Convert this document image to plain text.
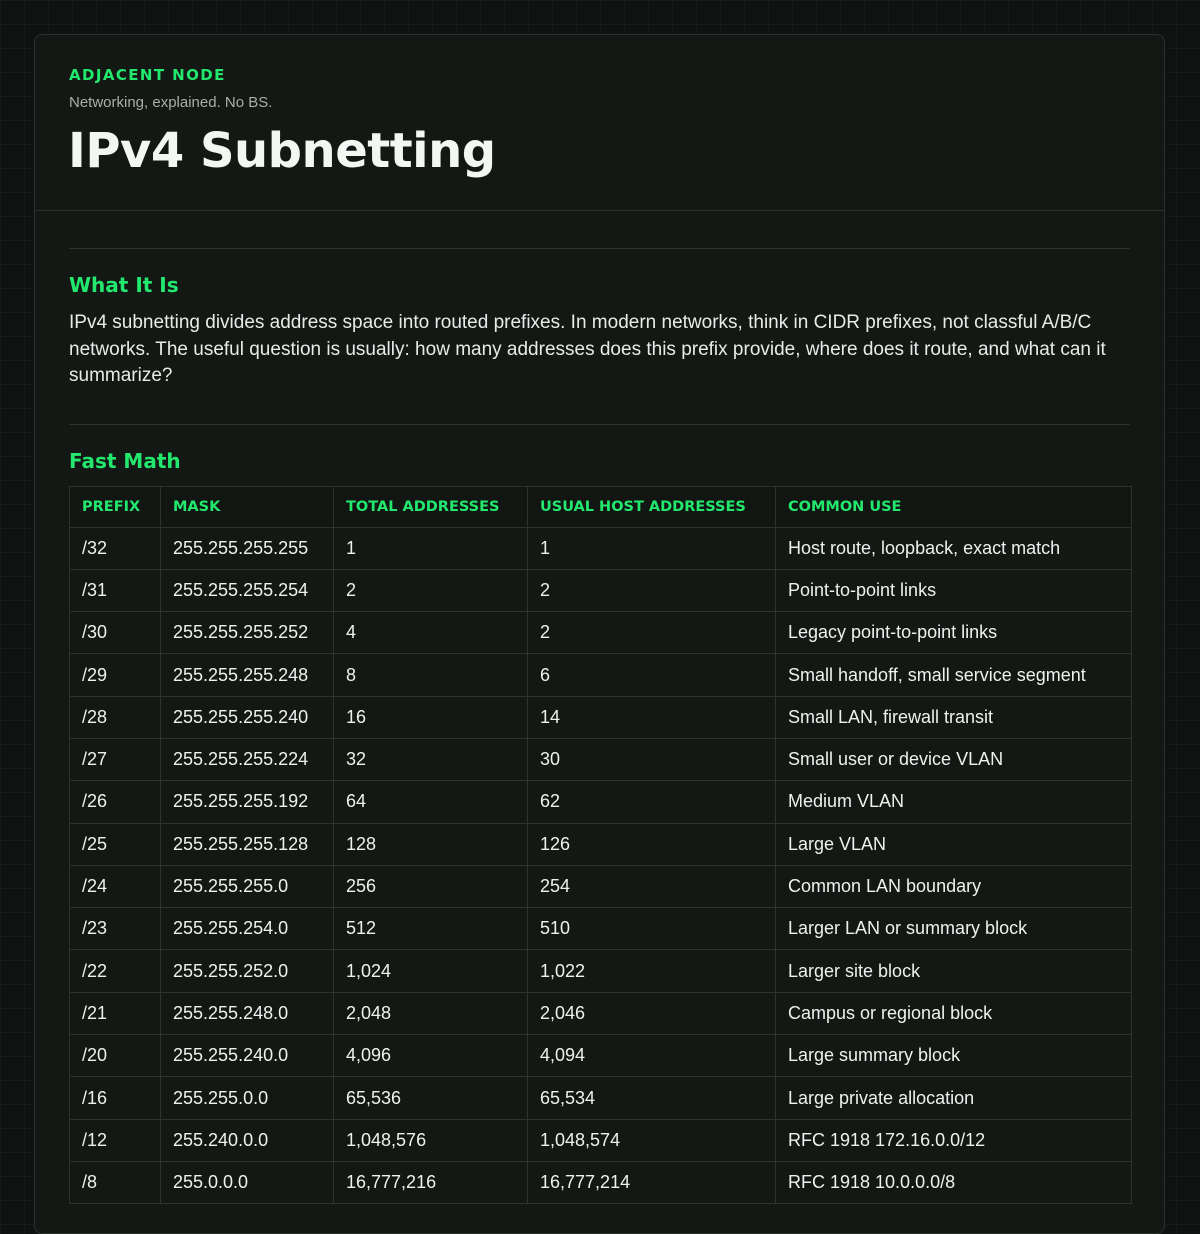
ADJACENT NODE

Networking, explained. No BS.

IPv4 Subnetting
What It Is

IPv4 subnetting divides address space into routed prefixes. In modern networks, think in CIDR prefixes, not classful A/B/C networks. The useful question is usually: how many addresses does this prefix provide, where does it route, and what can it summarize?

Fast Math
PREFIX	MASK	TOTAL ADDRESSES	USUAL HOST ADDRESSES	COMMON USE
/32	255.255.255.255	1	1	Host route, loopback, exact match
/31	255.255.255.254	2	2	Point-to-point links
/30	255.255.255.252	4	2	Legacy point-to-point links
/29	255.255.255.248	8	6	Small handoff, small service segment
/28	255.255.255.240	16	14	Small LAN, firewall transit
/27	255.255.255.224	32	30	Small user or device VLAN
/26	255.255.255.192	64	62	Medium VLAN
/25	255.255.255.128	128	126	Large VLAN
/24	255.255.255.0	256	254	Common LAN boundary
/23	255.255.254.0	512	510	Larger LAN or summary block
/22	255.255.252.0	1,024	1,022	Larger site block
/21	255.255.248.0	2,048	2,046	Campus or regional block
/20	255.255.240.0	4,096	4,094	Large summary block
/16	255.255.0.0	65,536	65,534	Large private allocation
/12	255.240.0.0	1,048,576	1,048,574	RFC 1918 172.16.0.0/12
/8	255.0.0.0	16,777,216	16,777,214	RFC 1918 10.0.0.0/8
